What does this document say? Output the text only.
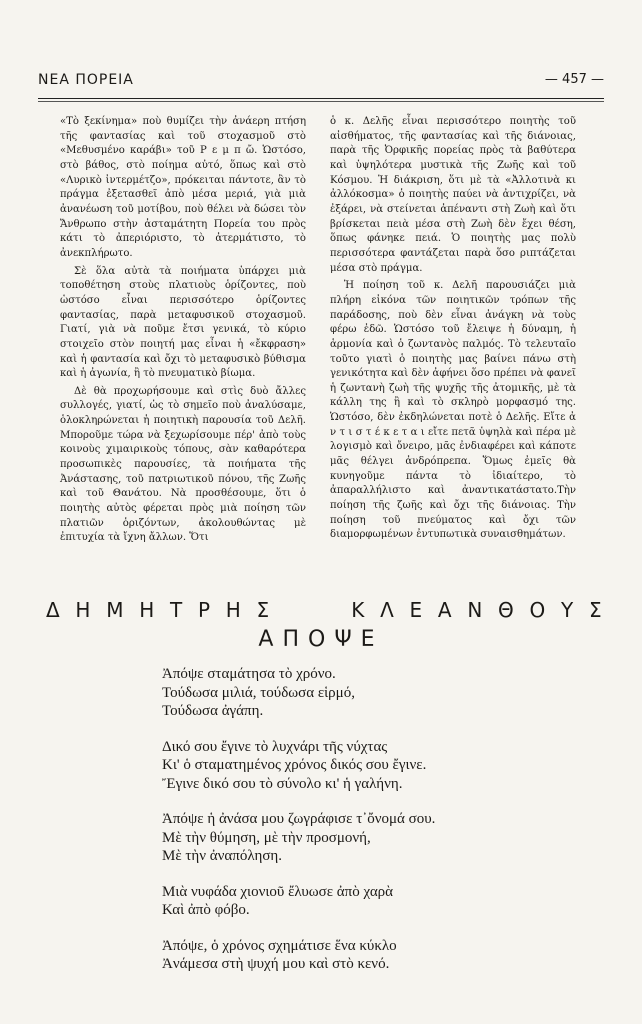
ΝΕΑ ΠΟΡΕΙΑ	— 457 —

«Τὸ ξεκίνημα» ποὺ θυμίζει τὴν ἀνάερη πτήση τῆς φαντασίας καὶ τοῦ στοχασμοῦ στὸ «Μεθυσμένο καράβι» τοῦ Ρ ε μ π ὤ. Ὡστόσο, στὸ βάθος, στὸ ποίημα αὐτό, ὅπως καὶ στὸ «Λυρικὸ ἰντερμέτζο», πρόκειται πάντοτε, ἂν τὸ πράγμα ἐξετασθεῖ ἀπὸ μέσα μεριά, γιὰ μιὰ ἀνανέωση τοῦ μοτίβου, ποὺ θέλει νὰ δώσει τὸν Ἄνθρωπο στὴν ἀσταμάτητη Πορεία του πρὸς κάτι τὸ ἀπεριόριστο, τὸ ἀτερμάτιστο, τὸ ἀνεκπλήρωτο.

Σὲ ὅλα αὐτὰ τὰ ποιήματα ὑπάρχει μιὰ τοποθέτηση στοὺς πλατιοὺς ὁρίζοντες, ποὺ ὡστόσο εἶναι περισσότερο ὁρίζοντες φαντασίας, παρὰ μεταφυσικοῦ στοχασμοῦ. Γιατί, γιὰ νὰ ποῦμε ἔτσι γενικά, τὸ κύριο στοιχεῖο στὸν ποιητή μας εἶναι ἡ «ἔκφραση» καὶ ἡ φαντασία καὶ ὄχι τὸ μεταφυσικὸ βύθισμα καὶ ἡ ἀγωνία, ἢ τὸ πνευματικὸ βίωμα.

Δὲ θὰ προχωρήσουμε καὶ στὶς δυὸ ἄλλες συλλογές, γιατί, ὡς τὸ σημεῖο ποὺ ἀναλύσαμε, ὁλοκληρώνεται ἡ ποιητικὴ παρουσία τοῦ Δελῆ. Μποροῦμε τώρα νὰ ξεχωρίσουμε πέρ' ἀπὸ τοὺς κοινοὺς χιμαιρικοὺς τόπους, σὰν καθαρότερα προσωπικὲς παρουσίες, τὰ ποιήματα τῆς Ἀνάστασης, τοῦ πατριωτικοῦ πόνου, τῆς Ζωῆς καὶ τοῦ Θανάτου. Νὰ προσθέσουμε, ὅτι ὁ ποιητὴς αὐτὸς φέρεται πρὸς μιὰ ποίηση τῶν πλατιῶν ὁριζόντων, ἀκολουθώντας μὲ ἐπιτυχία τὰ ἴχνη ἄλλων. Ὅτι

ὁ κ. Δελῆς εἶναι περισσότερο ποιητὴς τοῦ αἰσθήματος, τῆς φαντασίας καὶ τῆς διάνοιας, παρὰ τῆς Ὀρφικῆς πορείας πρὸς τὰ βαθύτερα καὶ ὑψηλότερα μυστικὰ τῆς Ζωῆς καὶ τοῦ Κόσμου. Ἡ διάκριση, ὅτι μὲ τὰ «Ἀλλοτινὰ κι ἀλλόκοσμα» ὁ ποιητὴς παύει νὰ ἀντιχρίζει, νὰ ἐξάρει, νὰ στείνεται ἀπέναντι στὴ Ζωὴ καὶ ὅτι βρίσκεται πειὰ μέσα στὴ Ζωὴ δὲν ἔχει θέση, ὅπως φάνηκε πειά. Ὁ ποιητὴς μας πολὺ περισσότερα φαντάζεται παρὰ ὅσο ριπτάζεται μέσα στὸ πράγμα.

Ἡ ποίηση τοῦ κ. Δελῆ παρουσιάζει μιὰ πλήρη εἰκόνα τῶν ποιητικῶν τρόπων τῆς παράδοσης, ποὺ δὲν εἶναι ἀνάγκη νὰ τοὺς φέρω ἐδῶ. Ὡστόσο τοῦ ἔλειψε ἡ δύναμη, ἡ ἁρμονία καὶ ὁ ζωντανὸς παλμός. Τὸ τελευταῖο τοῦτο γιατὶ ὁ ποιητὴς μας βαίνει πάνω στὴ γενικότητα καὶ δὲν ἀφήνει ὅσο πρέπει νὰ φανεῖ ἡ ζωντανὴ ζωὴ τῆς ψυχῆς τῆς ἀτομικῆς, μὲ τὰ κάλλη της ἢ καὶ τὸ σκληρὸ μορφασμό της. Ὡστόσο, δὲν ἐκδηλώνεται ποτὲ ὁ Δελῆς. Εἴτε ἀ ν τ ι σ τ έ κ ε τ α ι εἴτε πετᾶ ὑψηλὰ καὶ πέρα μὲ λογισμὸ καὶ ὄνειρο, μᾶς ἐνδιαφέρει καὶ κάποτε μᾶς θέλγει ἀνδρόπρεπα. Ὅμως ἐμεῖς θὰ κυνηγοῦμε πάντα τὸ ἰδιαίτερο, τὸ ἀπαραλλήλιστο καὶ ἀναντικατάστατο.Τὴν ποίηση τῆς ζωῆς καὶ ὄχι τῆς διάνοιας. Τὴν ποίηση τοῦ πνεύματος καὶ ὄχι τῶν διαμορφωμένων ἐντυπωτικὰ συναισθημάτων.

Δ Η Μ Η Τ Ρ Η Σ

	Κ Λ Ε Α Ν Θ Ο Υ Σ
ΑΠΟΨΕ
Ἀπόψε σταμάτησα τὸ χρόνο.
Τούδωσα μιλιά, τούδωσα εἱρμό,
Τούδωσα ἀγάπη.
Δικό σου ἔγινε τὸ λυχνάρι τῆς νύχτας
Κι' ὁ σταματημένος χρόνος δικός σου ἔγινε.
Ἔγινε δικό σου τὸ σύνολο κι' ἡ γαλήνη.
Ἀπόψε ἡ ἀνάσα μου ζωγράφισε τ᾿ὄνομά σου.
Μὲ τὴν θύμηση, μὲ τὴν προσμονή,
Μὲ τὴν ἀναπόληση.
Μιὰ νυφάδα χιονιοῦ ἔλυωσε ἀπὸ χαρὰ
Καὶ ἀπὸ φόβο.
Ἀπόψε, ὁ χρόνος σχημάτισε ἕνα κύκλο
Ἀνάμεσα στὴ ψυχή μου καὶ στὸ κενό.
